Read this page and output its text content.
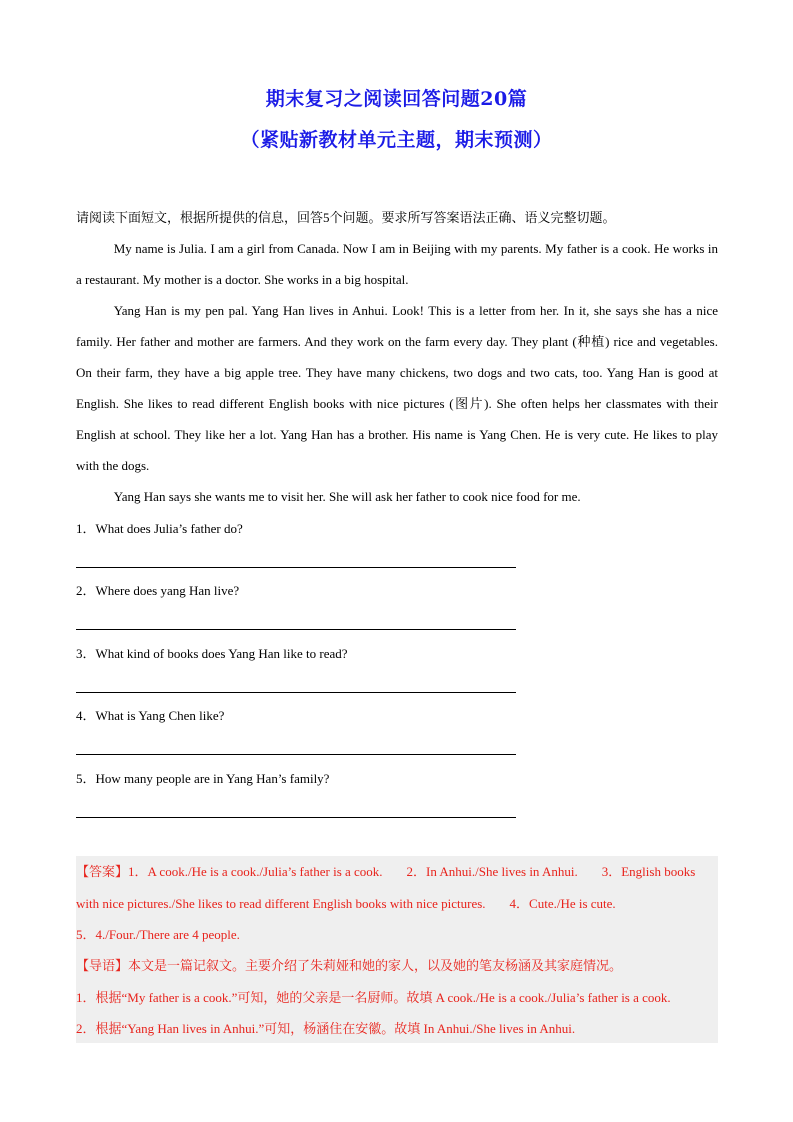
期末复习之阅读回答问题20篇
（紧贴新教材单元主题，期末预测）
请阅读下面短文，根据所提供的信息，回答5个问题。要求所写答案语法正确、语义完整切题。

My name is Julia. I am a girl from Canada. Now I am in Beijing with my parents. My father is a cook. He works in a restaurant. My mother is a doctor. She works in a big hospital.

Yang Han is my pen pal. Yang Han lives in Anhui. Look! This is a letter from her. In it, she says she has a nice family. Her father and mother are farmers. And they work on the farm every day. They plant (种植) rice and vegetables. On their farm, they have a big apple tree. They have many chickens, two dogs and two cats, too. Yang Han is good at English. She likes to read different English books with nice pictures (图片). She often helps her classmates with their English at school. They like her a lot. Yang Han has a brother. His name is Yang Chen. He is very cute. He likes to play with the dogs.

Yang Han says she wants me to visit her. She will ask her father to cook nice food for me.

1．What does Julia’s father do?
2．Where does yang Han live?
3．What kind of books does Yang Han like to read?
4．What is Yang Chen like?
5．How many people are in Yang Han’s family?

【答案】1．A cook./He is a cook./Julia’s father is a cook. 2．In Anhui./She lives in Anhui. 3．English books with nice pictures./She likes to read different English books with nice pictures. 4．Cute./He is cute.
5．4./Four./There are 4 people.

【导语】本文是一篇记叙文。主要介绍了朱莉娅和她的家人，以及她的笔友杨涵及其家庭情况。

1．根据“My father is a cook.”可知，她的父亲是一名厨师。故填 A cook./He is a cook./Julia’s father is a cook.

2．根据“Yang Han lives in Anhui.”可知，杨涵住在安徽。故填 In Anhui./She lives in Anhui.
